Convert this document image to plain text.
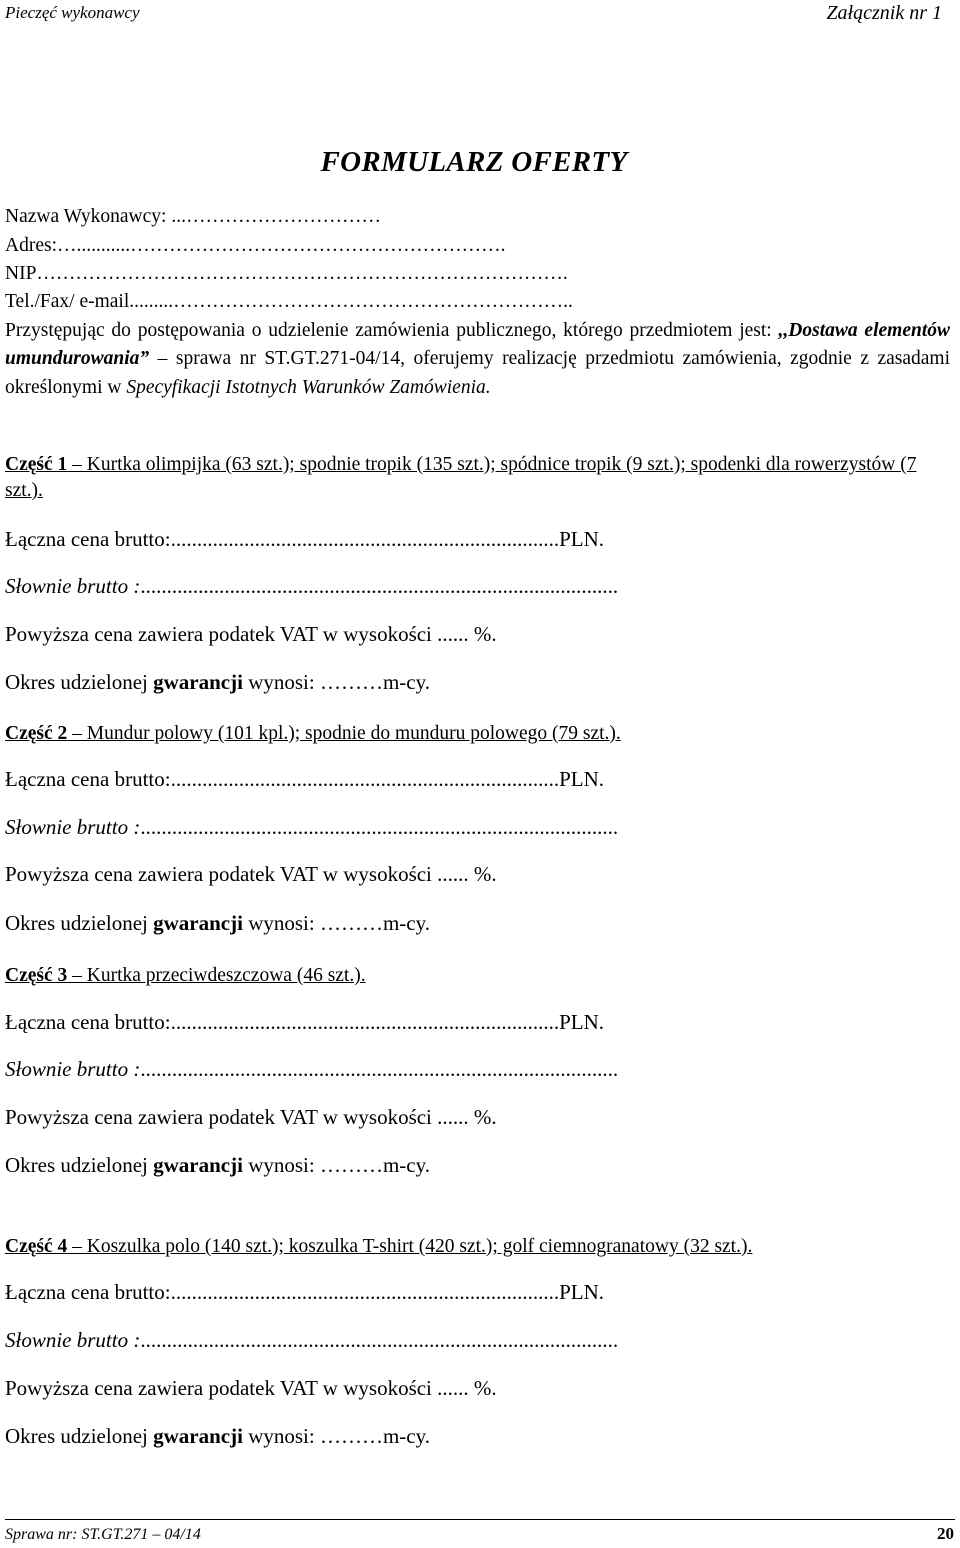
Pieczęć wykonawcy	Załącznik nr 1
FORMULARZ OFERTY
Nazwa Wykonawcy: ...…………………………
Adres:…...........………………………………………………….
NIP……………………………………………………………………….
Tel./Fax/ e-mail.........……………………………………………………..
Przystępując do postępowania o udzielenie zamówienia publicznego, którego przedmiotem jest: ,,Dostawa elementów umundurowania” – sprawa nr ST.GT.271-04/14, oferujemy realizację przedmiotu zamówienia, zgodnie z zasadami określonymi w Specyfikacji Istotnych Warunków Zamówienia.
Część 1 – Kurtka olimpijka (63 szt.); spodnie tropik (135 szt.); spódnice tropik (9 szt.); spodenki dla rowerzystów (7 szt.).
Łączna cena brutto:..........................................................................PLN.
Słownie brutto :...........................................................................................
Powyższa cena zawiera podatek VAT w wysokości ...... %.
Okres udzielonej gwarancji wynosi: ………m-cy.
Część 2 – Mundur polowy (101 kpl.); spodnie do munduru polowego (79 szt.).
Łączna cena brutto:..........................................................................PLN.
Słownie brutto :...........................................................................................
Powyższa cena zawiera podatek VAT w wysokości ...... %.
Okres udzielonej gwarancji wynosi: ………m-cy.
Część 3 – Kurtka przeciwdeszczowa (46 szt.).
Łączna cena brutto:..........................................................................PLN.
Słownie brutto :...........................................................................................
Powyższa cena zawiera podatek VAT w wysokości ...... %.
Okres udzielonej gwarancji wynosi: ………m-cy.
Część 4 – Koszulka polo (140 szt.); koszulka T-shirt (420 szt.); golf ciemnogranatowy (32 szt.).
Łączna cena brutto:..........................................................................PLN.
Słownie brutto :...........................................................................................
Powyższa cena zawiera podatek VAT w wysokości ...... %.
Okres udzielonej gwarancji wynosi: ………m-cy.
Sprawa nr: ST.GT.271 – 04/14	20
